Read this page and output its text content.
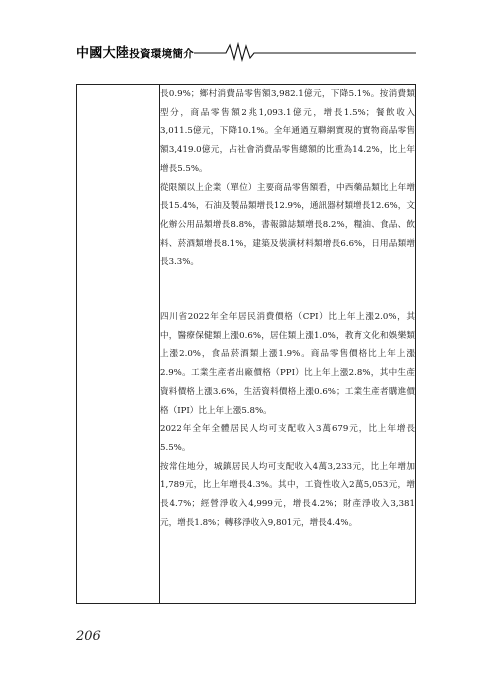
中國大陸投資環境簡介

長0.9%；鄉村消費品零售額3,982.1億元，下降5.1%。按消費類型分，商品零售額2兆1,093.1億元，增長1.5%；餐飲收入3,011.5億元，下降10.1%。全年通過互聯網實現的實物商品零售額3,419.0億元，占社會消費品零售總額的比重為14.2%，比上年增長5.5%。

從限額以上企業（單位）主要商品零售額看，中西藥品類比上年增長15.4%，石油及製品類增長12.9%，通訊器材類增長12.6%，文化辦公用品類增長8.8%，書報雜誌類增長8.2%，糧油、食品、飲料、菸酒類增長8.1%，建築及裝潢材料類增長6.6%，日用品類增長3.3%。

四川省2022年全年居民消費價格（CPI）比上年上漲2.0%，其中，醫療保健類上漲0.6%，居住類上漲1.0%，教育文化和娛樂類上漲2.0%，食品菸酒類上漲1.9%。商品零售價格比上年上漲2.9%。工業生產者出廠價格（PPI）比上年上漲2.8%，其中生產資料價格上漲3.6%，生活資料價格上漲0.6%；工業生產者購進價格（IPI）比上年上漲5.8%。

2022年全年全體居民人均可支配收入3萬679元，比上年增長5.5%。

按常住地分，城鎮居民人均可支配收入4萬3,233元，比上年增加1,789元，比上年增長4.3%。其中，工資性收入2萬5,053元，增長4.7%；經營淨收入4,999元，增長4.2%；財產淨收入3,381元，增長1.8%；轉移淨收入9,801元，增長4.4%。

206
